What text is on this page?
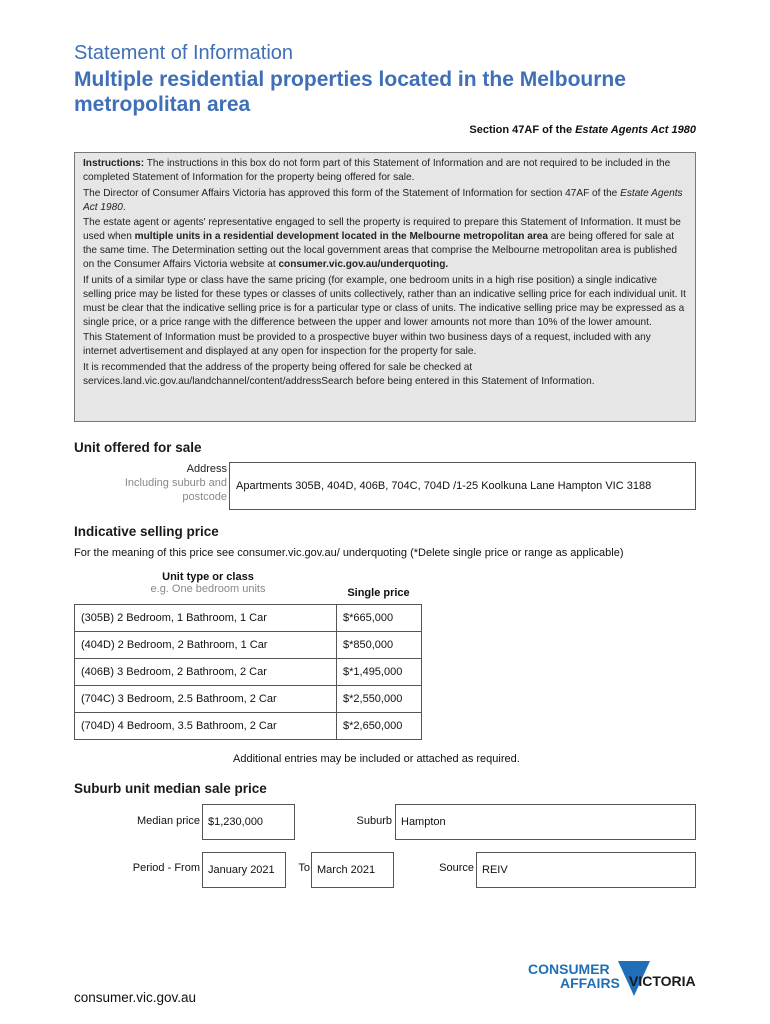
Statement of Information
Multiple residential properties located in the Melbourne metropolitan area
Section 47AF of the Estate Agents Act 1980

Instructions: The instructions in this box do not form part of this Statement of Information and are not required to be included in the completed Statement of Information for the property being offered for sale.

The Director of Consumer Affairs Victoria has approved this form of the Statement of Information for section 47AF of the Estate Agents Act 1980.

The estate agent or agents' representative engaged to sell the property is required to prepare this Statement of Information. It must be used when multiple units in a residential development located in the Melbourne metropolitan area are being offered for sale at the same time. The Determination setting out the local government areas that comprise the Melbourne metropolitan area is published on the Consumer Affairs Victoria website at consumer.vic.gov.au/underquoting.

If units of a similar type or class have the same pricing (for example, one bedroom units in a high rise position) a single indicative selling price may be listed for these types or classes of units collectively, rather than an indicative selling price for each individual unit. It must be clear that the indicative selling price is for a particular type or class of units. The indicative selling price may be expressed as a single price, or a price range with the difference between the upper and lower amounts not more than 10% of the lower amount.

This Statement of Information must be provided to a prospective buyer within two business days of a request, included with any internet advertisement and displayed at any open for inspection for the property for sale.

It is recommended that the address of the property being offered for sale be checked at services.land.vic.gov.au/landchannel/content/addressSearch before being entered in this Statement of Information.

Unit offered for sale
Address
Including suburb and
postcode
Apartments 305B, 404D, 406B, 704C, 704D /1-25 Koolkuna Lane Hampton VIC 3188
Indicative selling price
For the meaning of this price see consumer.vic.gov.au/ underquoting (*Delete single price or range as applicable)
Unit type or class
e.g. One bedroom units	Single price
(305B) 2 Bedroom, 1 Bathroom, 1 Car	$*665,000
(404D) 2 Bedroom, 2 Bathroom, 1 Car	$*850,000
(406B) 3 Bedroom, 2 Bathroom, 2 Car	$*1,495,000
(704C) 3 Bedroom, 2.5 Bathroom, 2 Car	$*2,550,000
(704D) 4 Bedroom, 3.5 Bathroom, 2 Car	$*2,650,000
Additional entries may be included or attached as required.
Suburb unit median sale price
Median price $1,230,000	Suburb Hampton
Period - From January 2021	To March 2021	Source REIV
CONSUMER
AFFAIRS VICTORIA
consumer.vic.gov.au
